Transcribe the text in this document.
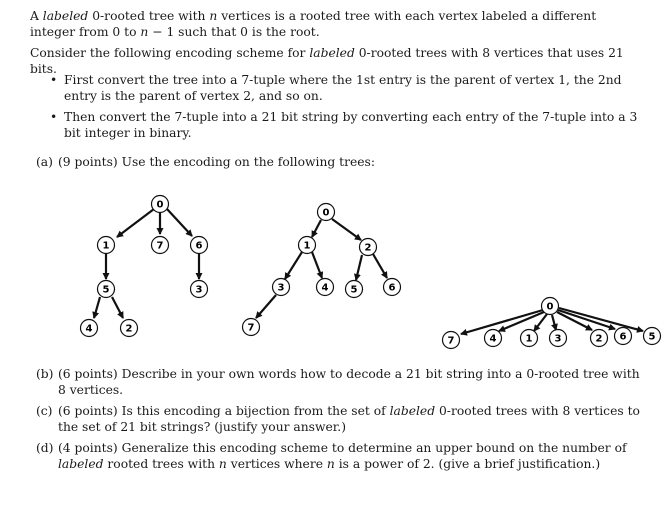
A labeled 0-rooted tree with n vertices is a rooted tree with each vertex labeled a different integer from 0 to n − 1 such that 0 is the root.

Consider the following encoding scheme for labeled 0-rooted trees with 8 vertices that uses 21 bits.

• First convert the tree into a 7-tuple where the 1st entry is the parent of vertex 1, the 2nd entry is the parent of vertex 2, and so on.
• Then convert the 7-tuple into a 21 bit string by converting each entry of the 7-tuple into a 3 bit integer in binary.
(a) (9 points) Use the encoding on the following trees:
0
1	7	6
5	3
4	2
0
1	2
3	4 5	6
7
0
7	4	1 3	2 6 5
(b) (6 points) Describe in your own words how to decode a 21 bit string into a 0-rooted tree with 8 vertices.
(c) (6 points) Is this encoding a bijection from the set of labeled 0-rooted trees with 8 vertices to the set of 21 bit strings? (justify your answer.)
(d) (4 points) Generalize this encoding scheme to determine an upper bound on the number of labeled rooted trees with n vertices where n is a power of 2. (give a brief justification.)
